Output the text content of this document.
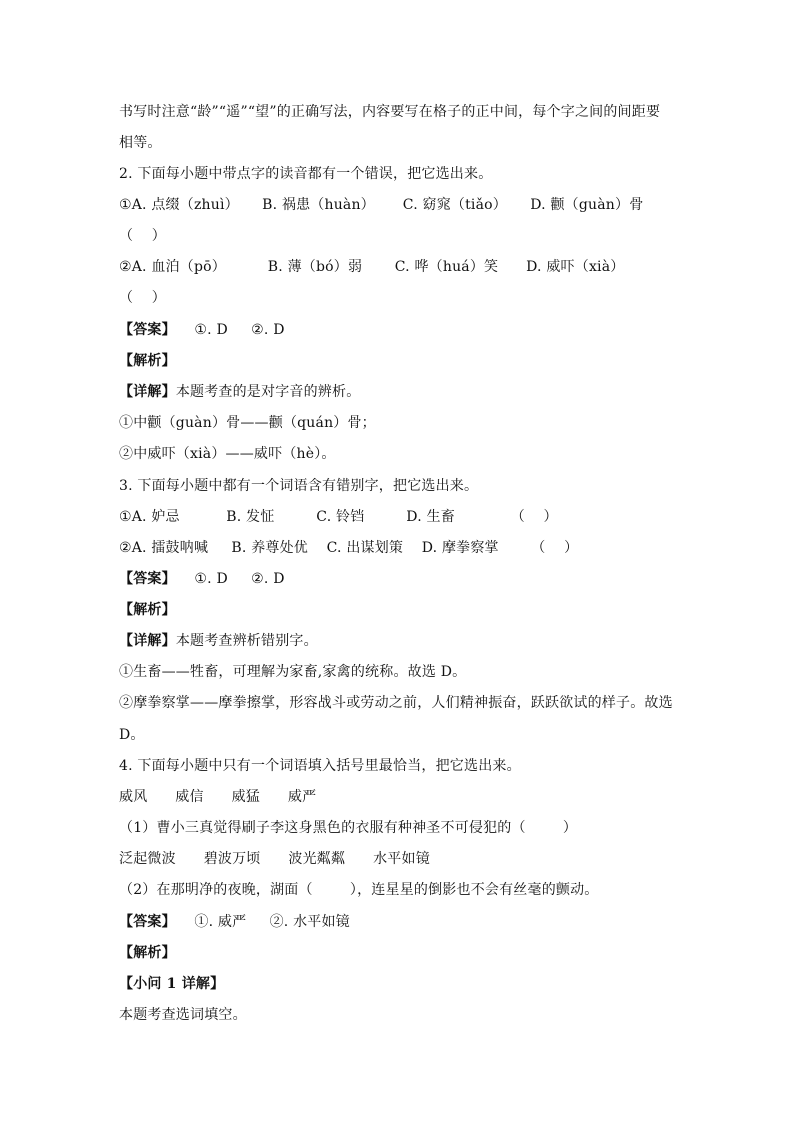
书写时注意“龄”“遥”“望”的正确写法，内容要写在格子的正中间，每个字之间的间距要
相等。
2. 下面每小题中带点字的读音都有一个错误，把它选出来。
①A. 点缀（zhuì）     B. 祸患（huàn）      C. 窈窕（tiǎo）     D. 颧（guàn）骨
（    ）
②A. 血泊（pō）         B. 薄（bó）弱       C. 哗（huá）笑      D. 威吓（xià）
（    ）
【答案】 ①. D     ②. D
【解析】
【详解】本题考查的是对字音的辨析。
①中颧（guàn）骨——颧（quán）骨；
②中威吓（xià）——威吓（hè）。
3. 下面每小题中都有一个词语含有错别字，把它选出来。
①A. 妒忌          B. 发怔         C. 铃铛         D. 生畜            （    ）
②A. 擂鼓呐喊     B. 养尊处优    C. 出谋划策    D. 摩拳察掌       （    ）
【答案】 ①. D     ②. D
【解析】
【详解】本题考查辨析错别字。
①生畜——牲畜，可理解为家畜,家禽的统称。故选 D。
②摩拳察掌——摩拳擦掌，形容战斗或劳动之前，人们精神振奋，跃跃欲试的样子。故选
D。
4. 下面每小题中只有一个词语填入括号里最恰当，把它选出来。
威风      威信      威猛      威严
（1）曹小三真觉得刷子李这身黑色的衣服有种神圣不可侵犯的（        ）
泛起微波      碧波万顷      波光粼粼      水平如镜
（2）在那明净的夜晚，湖面（        ），连星星的倒影也不会有丝毫的颤动。
【答案】 ①. 威严     ②. 水平如镜
【解析】
【小问 1 详解】
本题考查选词填空。
